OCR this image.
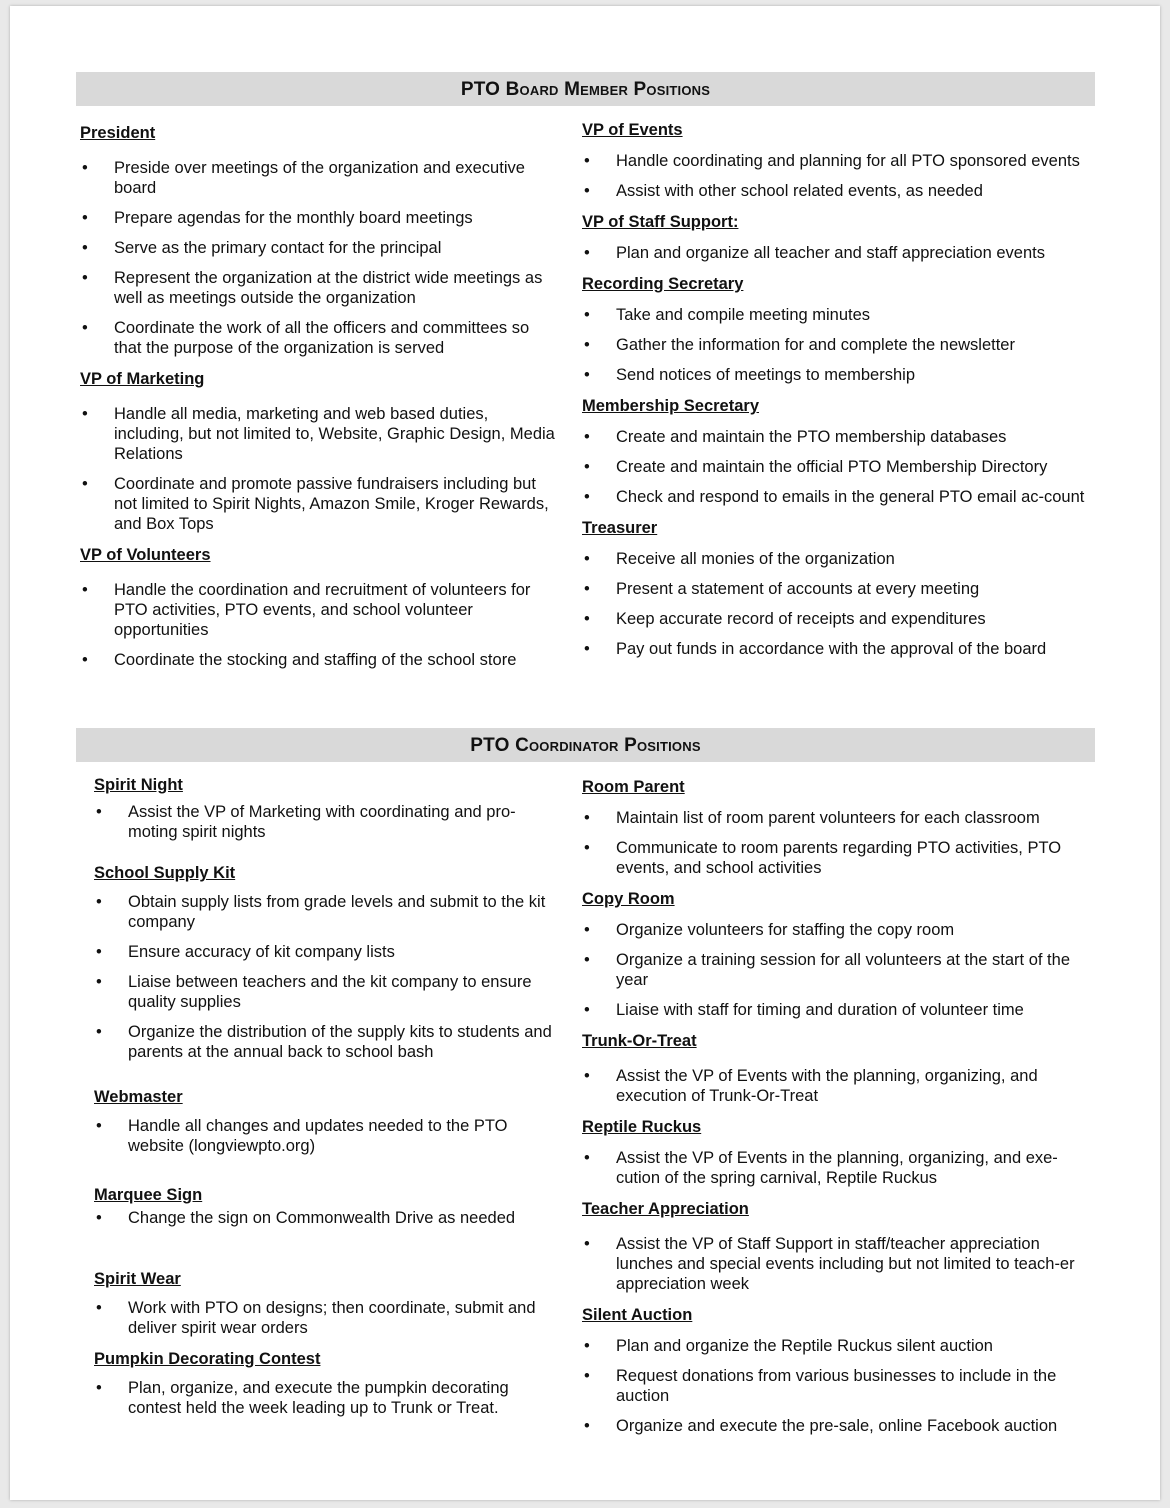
PTO Board Member Positions
President
• Preside over meetings of the organization and executive board
• Prepare agendas for the monthly board meetings
• Serve as the primary contact for the principal
• Represent the organization at the district wide meetings as well as meetings outside the organization
• Coordinate the work of all the officers and committees so that the purpose of the organization is served
VP of Marketing
• Handle all media, marketing and web based duties, including, but not limited to, Website, Graphic Design, Media Relations
• Coordinate and promote passive fundraisers including but not limited to Spirit Nights, Amazon Smile, Kroger Rewards, and Box Tops
VP of Volunteers
• Handle the coordination and recruitment of volunteers for PTO activities, PTO events, and school volunteer opportunities
• Coordinate the stocking and staffing of the school store
VP of Events
• Handle coordinating and planning for all PTO sponsored events
• Assist with other school related events, as needed
VP of Staff Support:
• Plan and organize all teacher and staff appreciation events
Recording Secretary
• Take and compile meeting minutes
• Gather the information for and complete the newsletter
• Send notices of meetings to membership
Membership Secretary
• Create and maintain the PTO membership databases
• Create and maintain the official PTO Membership Directory
• Check and respond to emails in the general PTO email ac-count
Treasurer
• Receive all monies of the organization
• Present a statement of accounts at every meeting
• Keep accurate record of receipts and expenditures
• Pay out funds in accordance with the approval of the board
PTO Coordinator Positions
Spirit Night
• Assist the VP of Marketing with coordinating and pro-moting spirit nights
School Supply Kit
• Obtain supply lists from grade levels and submit to the kit company
• Ensure accuracy of kit company lists
• Liaise between teachers and the kit company to ensure quality supplies
• Organize the distribution of the supply kits to students and parents at the annual back to school bash
Webmaster
• Handle all changes and updates needed to the PTO website (longviewpto.org)
Marquee Sign
• Change the sign on Commonwealth Drive as needed
Spirit Wear
• Work with PTO on designs; then coordinate, submit and deliver spirit wear orders
Pumpkin Decorating Contest
• Plan, organize, and execute the pumpkin decorating contest held the week leading up to Trunk or Treat.
Room Parent
• Maintain list of room parent volunteers for each classroom
• Communicate to room parents regarding PTO activities, PTO events, and school activities
Copy Room
• Organize volunteers for staffing the copy room
• Organize a training session for all volunteers at the start of the year
• Liaise with staff for timing and duration of volunteer time
Trunk-Or-Treat
• Assist the VP of Events with the planning, organizing, and execution of Trunk-Or-Treat
Reptile Ruckus
• Assist the VP of Events in the planning, organizing, and exe-cution of the spring carnival, Reptile Ruckus
Teacher Appreciation
• Assist the VP of Staff Support in staff/teacher appreciation lunches and special events including but not limited to teach-er appreciation week
Silent Auction
• Plan and organize the Reptile Ruckus silent auction
• Request donations from various businesses to include in the auction
• Organize and execute the pre-sale, online Facebook auction
